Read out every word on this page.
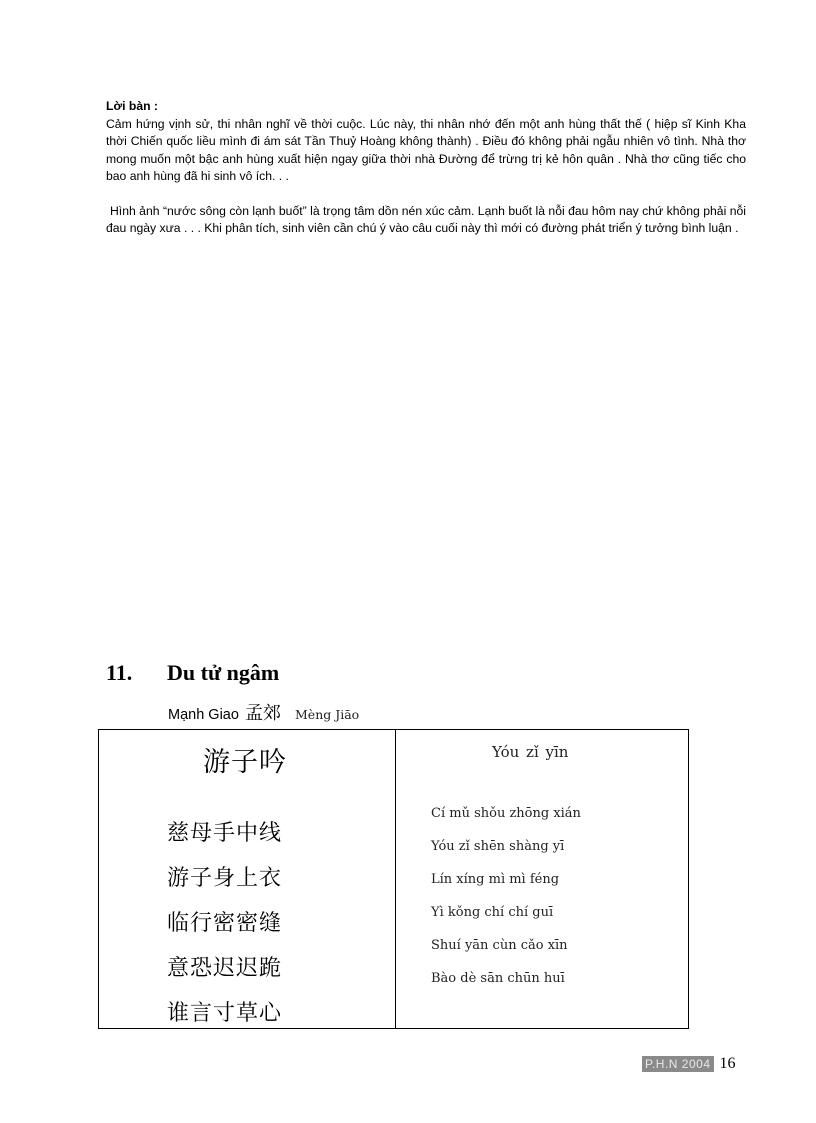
Lời bàn :

Cảm hứng vịnh sử, thi nhân nghĩ về thời cuộc. Lúc này, thi nhân nhớ đến một anh hùng thất thế ( hiệp sĩ Kinh Kha thời Chiến quốc liều mình đi ám sát Tần Thuỷ Hoàng không thành) . Điều đó không phải ngẫu nhiên vô tình. Nhà thơ mong muốn một bậc anh hùng xuất hiện ngay giữa thời nhà Đường để trừng trị kẻ hôn quân . Nhà thơ cũng tiếc cho bao anh hùng đã hi sinh vô ích. . .

Hình ảnh “nước sông còn lạnh buốt” là trọng tâm dồn nén xúc cảm. Lạnh buốt là nỗi đau hôm nay chứ không phải nỗi đau ngày xưa . . . Khi phân tích, sinh viên cần chú ý vào câu cuối này thì mới có đường phát triển ý tưởng bình luận .

11. Du tử ngâm
Mạnh Giao 孟郊 Mèng Jiāo
游子吟
慈母手中线
游子身上衣
临行密密缝
意恐迟迟跪
谁言寸草心
Yóu zǐ yīn
Cí mǔ shǒu zhōng xián
Yóu zǐ shēn shàng yī
Lín xíng mì mì féng
Yì kǒng chí chí guī
Shuí yān cùn cǎo xīn
Bào dè sān chūn huī
P.H.N 2004 16
